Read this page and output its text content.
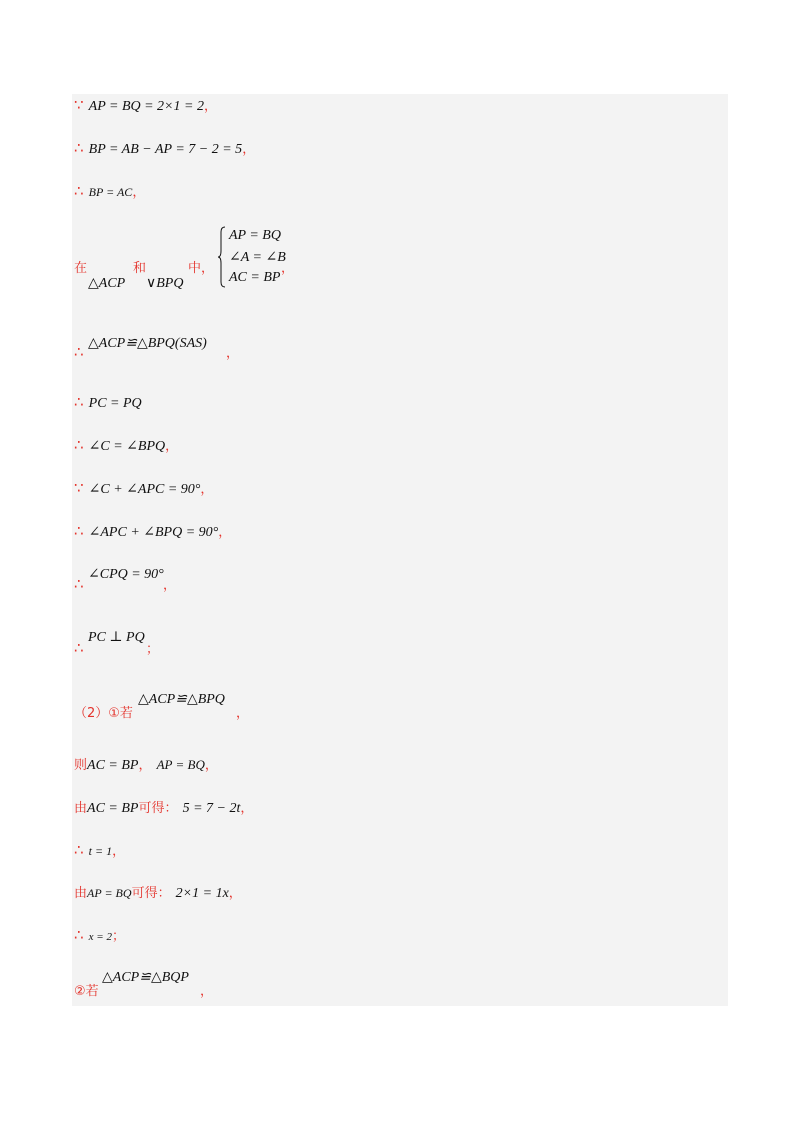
∵ AP = BQ = 2×1 = 2，
∴ BP = AB − AP = 7 − 2 = 5，
∴ BP = AC，
在
△ACP
和
∨BPQ
中，
AP = BQ
∠A = ∠B
AC = BP
，
△ACP≌△BPQ(SAS)
∴	，
∴ PC = PQ
∴ ∠C = ∠BPQ，
∵ ∠C + ∠APC = 90°，
∴ ∠APC + ∠BPQ = 90°，
∠CPQ = 90°
∴	，
PC ⊥ PQ
∴	；
（2）①若
△ACP≌△BPQ
，
则AC = BP， AP = BQ，
由AC = BP可得： 5 = 7 − 2t，
∴ t = 1，
由AP = BQ可得： 2×1 = 1x，
∴ x = 2；
②若
△ACP≌△BQP
，
